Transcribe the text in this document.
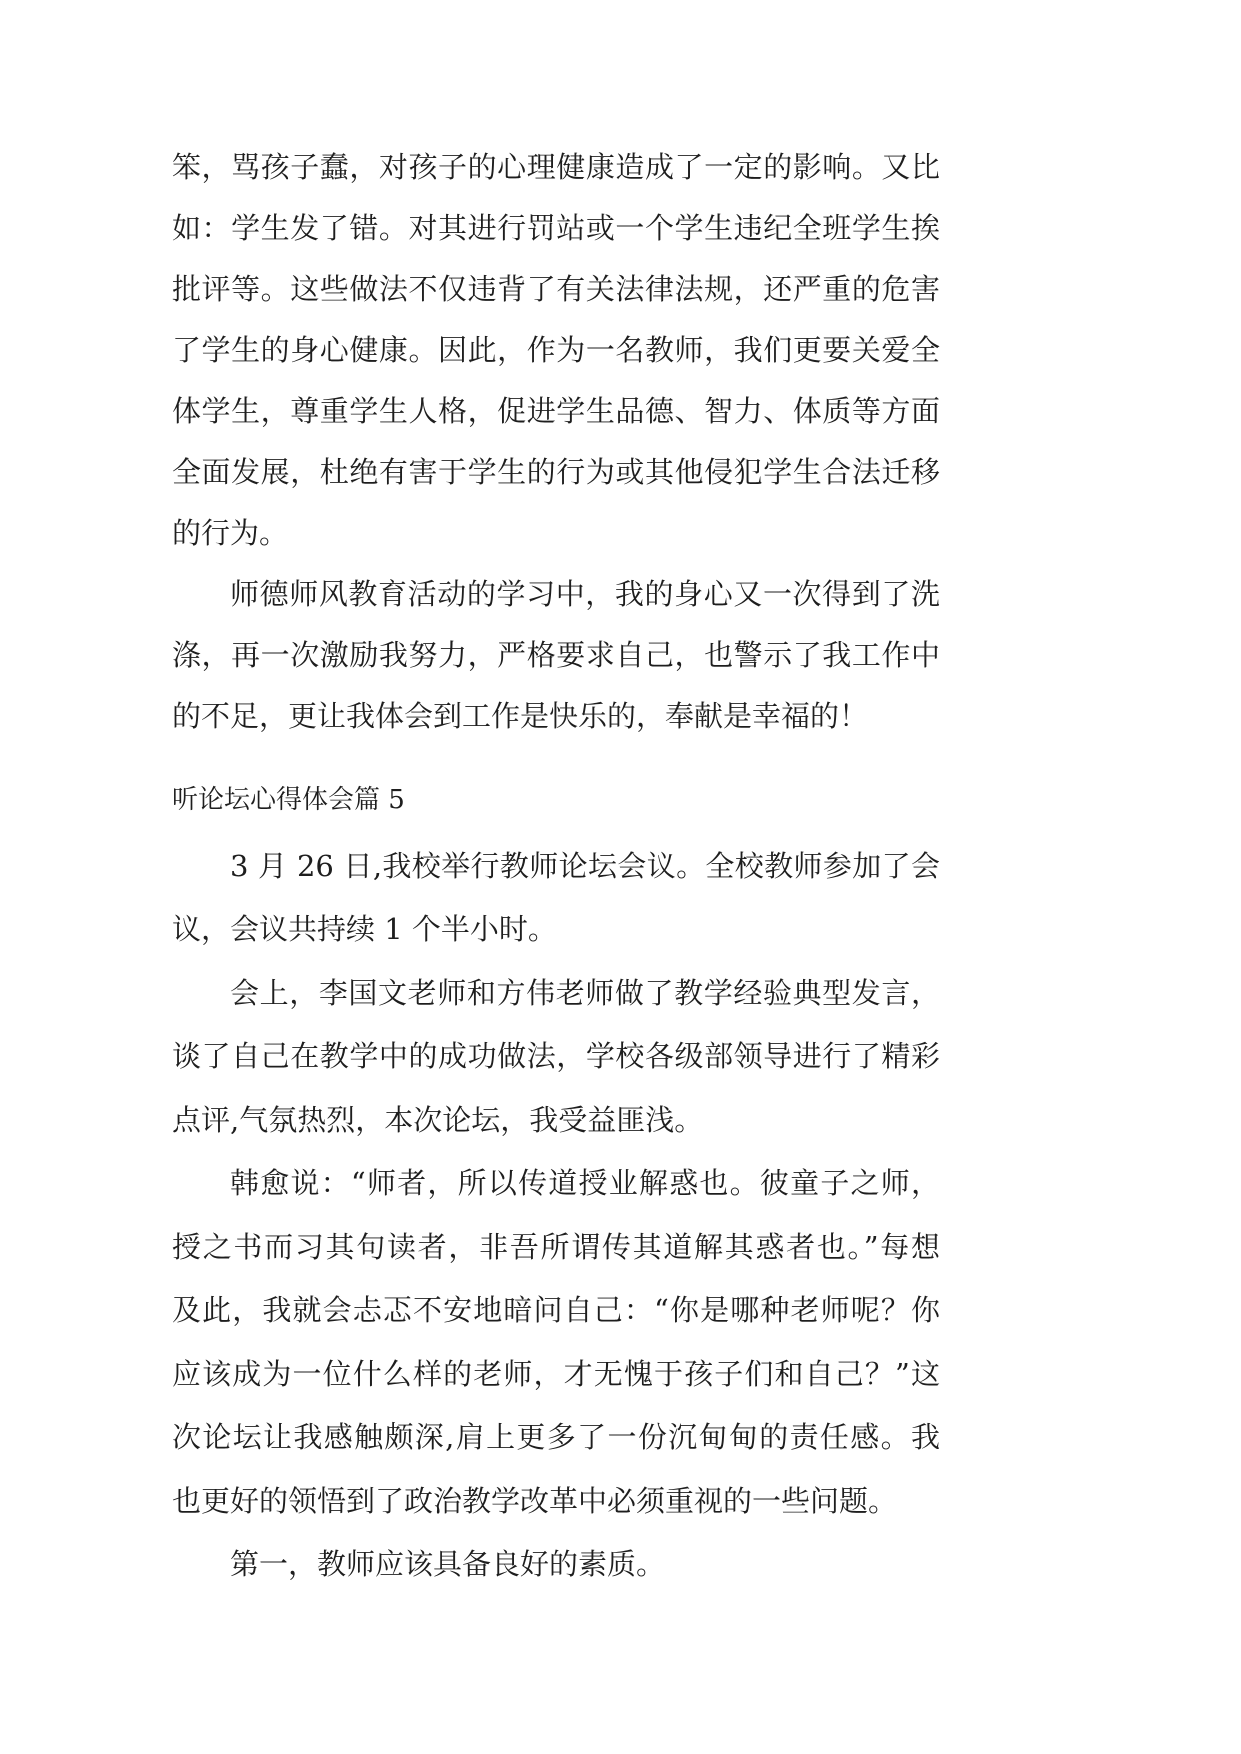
笨，骂孩子蠢，对孩子的心理健康造成了一定的影响。又比
如：学生发了错。对其进行罚站或一个学生违纪全班学生挨
批评等。这些做法不仅违背了有关法律法规，还严重的危害
了学生的身心健康。因此，作为一名教师，我们更要关爱全
体学生，尊重学生人格，促进学生品德、智力、体质等方面
全面发展，杜绝有害于学生的行为或其他侵犯学生合法迁移
的行为。
师德师风教育活动的学习中，我的身心又一次得到了洗
涤，再一次激励我努力，严格要求自己，也警示了我工作中
的不足，更让我体会到工作是快乐的，奉献是幸福的！
听论坛心得体会篇 5
3 月 26 日,我校举行教师论坛会议。全校教师参加了会
议，会议共持续 1 个半小时。
会上，李国文老师和方伟老师做了教学经验典型发言，
谈了自己在教学中的成功做法，学校各级部领导进行了精彩
点评,气氛热烈，本次论坛，我受益匪浅。
韩愈说：“师者，所以传道授业解惑也。彼童子之师，
授之书而习其句读者，非吾所谓传其道解其惑者也。”每想
及此，我就会忐忑不安地暗问自己：“你是哪种老师呢？你
应该成为一位什么样的老师，才无愧于孩子们和自己？”这
次论坛让我感触颇深,肩上更多了一份沉甸甸的责任感。我
也更好的领悟到了政治教学改革中必须重视的一些问题。
第一，教师应该具备良好的素质。
